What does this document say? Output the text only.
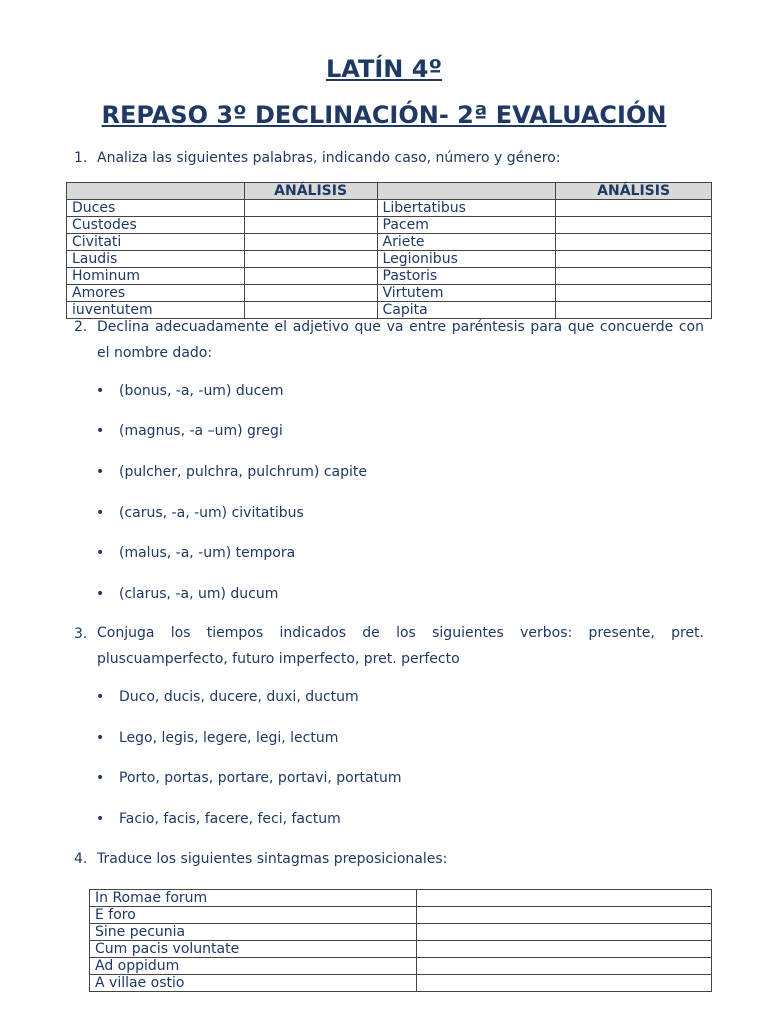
LATÍN 4º
REPASO 3º DECLINACIÓN- 2ª EVALUACIÓN
1. Analiza las siguientes palabras, indicando caso, número y género:
	ANÁLISIS		ANÁLISIS
Duces		Libertatibus	
Custodes		Pacem	
Civitati		Ariete	
Laudis		Legionibus	
Hominum		Pastoris	
Amores		Virtutem	
iuventutem		Capita	
2. Declina adecuadamente el adjetivo que va entre paréntesis para que concuerde con el nombre dado:
• (bonus, -a, -um) ducem
• (magnus, -a –um) gregi
• (pulcher, pulchra, pulchrum) capite
• (carus, -a, -um) civitatibus
• (malus, -a, -um) tempora
• (clarus, -a, um) ducum
3. Conjuga los tiempos indicados de los siguientes verbos: presente, pret. pluscuamperfecto, futuro imperfecto, pret. perfecto
• Duco, ducis, ducere, duxi, ductum
• Lego, legis, legere, legi, lectum
• Porto, portas, portare, portavi, portatum
• Facio, facis, facere, feci, factum
4. Traduce los siguientes sintagmas preposicionales:
In Romae forum	
E foro	
Sine pecunia	
Cum pacis voluntate	
Ad oppidum	
A villae ostio	
